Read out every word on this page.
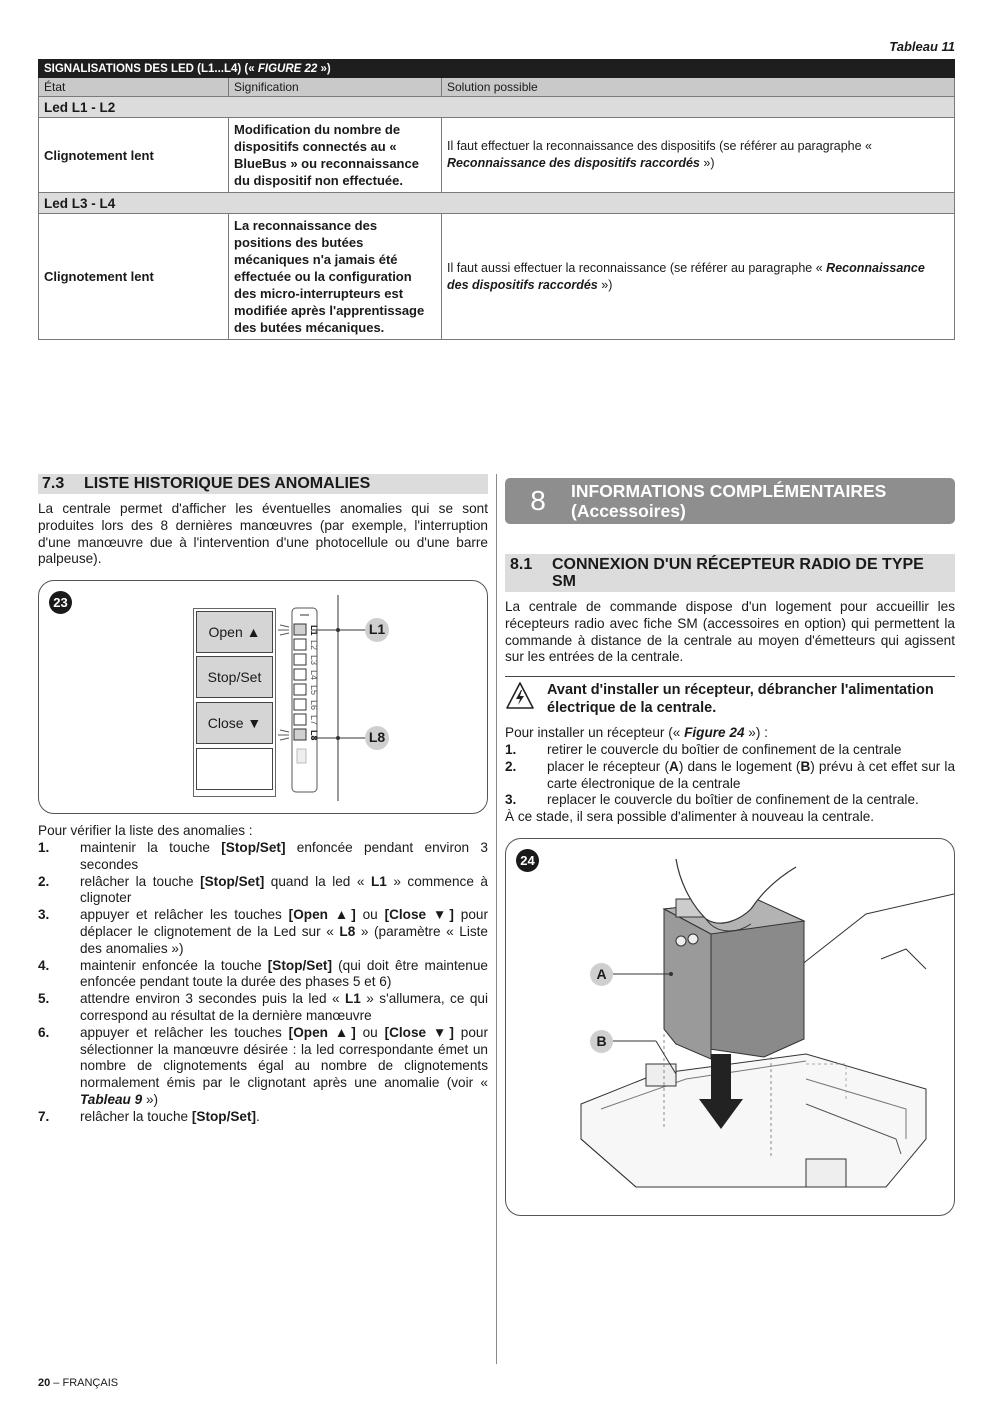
Tableau 11
SIGNALISATIONS DES LED (L1...L4) (« FIGURE 22 »)		
État	Signification	Solution possible
Led L1 - L2		
Clignotement lent	Modification du nombre de dispositifs connectés au « BlueBus » ou reconnaissance du dispositif non effectuée.	Il faut effectuer la reconnaissance des dispositifs (se référer au paragraphe « Reconnaissance des dispositifs raccordés »)
Led L3 - L4		
Clignotement lent	La reconnaissance des positions des butées mécaniques n'a jamais été effectuée ou la configuration des micro-interrupteurs est modifiée après l'apprentissage des butées mécaniques.	Il faut aussi effectuer la reconnaissance (se référer au paragraphe « Reconnaissance des dispositifs raccordés »)
7.3	LISTE HISTORIQUE DES ANOMALIES

La centrale permet d'afficher les éventuelles anomalies qui se sont produites lors des 8 dernières manœuvres (par exemple, l'interruption d'une manœuvre due à l'intervention d'une photocellule ou d'une barre palpeuse).

23
Open ▲
Stop/Set
Close ▼
L1
L2
L3
L4
L5
L6
L7
L8
L1
L8

Pour vérifier la liste des anomalies :

1.	maintenir la touche [Stop/Set] enfoncée pendant environ 3 secondes
2.	relâcher la touche [Stop/Set] quand la led « L1 » commence à clignoter
3.	appuyer et relâcher les touches [Open ▲] ou [Close ▼] pour déplacer le clignotement de la Led sur « L8 » (paramètre « Liste des anomalies »)
4.	maintenir enfoncée la touche [Stop/Set] (qui doit être maintenue enfoncée pendant toute la durée des phases 5 et 6)
5.	attendre environ 3 secondes puis la led « L1 » s'allumera, ce qui correspond au résultat de la dernière manœuvre
6.	appuyer et relâcher les touches [Open ▲] ou [Close ▼] pour sélectionner la manœuvre désirée : la led correspondante émet un nombre de clignotements égal au nombre de clignotements normalement émis par le clignotant après une anomalie (voir « Tableau 9 »)
7.	relâcher la touche [Stop/Set].
8	INFORMATIONS COMPLÉMENTAIRES
(Accessoires)
8.1	CONNEXION D'UN RÉCEPTEUR RADIO DE TYPE SM

La centrale de commande dispose d'un logement pour accueillir les récepteurs radio avec fiche SM (accessoires en option) qui permettent la commande à distance de la centrale au moyen d'émetteurs qui agissent sur les entrées de la centrale.

Avant d'installer un récepteur, débrancher l'alimentation électrique de la centrale.

Pour installer un récepteur (« Figure 24 ») :

1.	retirer le couvercle du boîtier de confinement de la centrale
2.	placer le récepteur (A) dans le logement (B) prévu à cet effet sur la carte électronique de la centrale
3.	replacer le couvercle du boîtier de confinement de la centrale.

À ce stade, il sera possible d'alimenter à nouveau la centrale.

24
A
B
20 – FRANÇAIS
